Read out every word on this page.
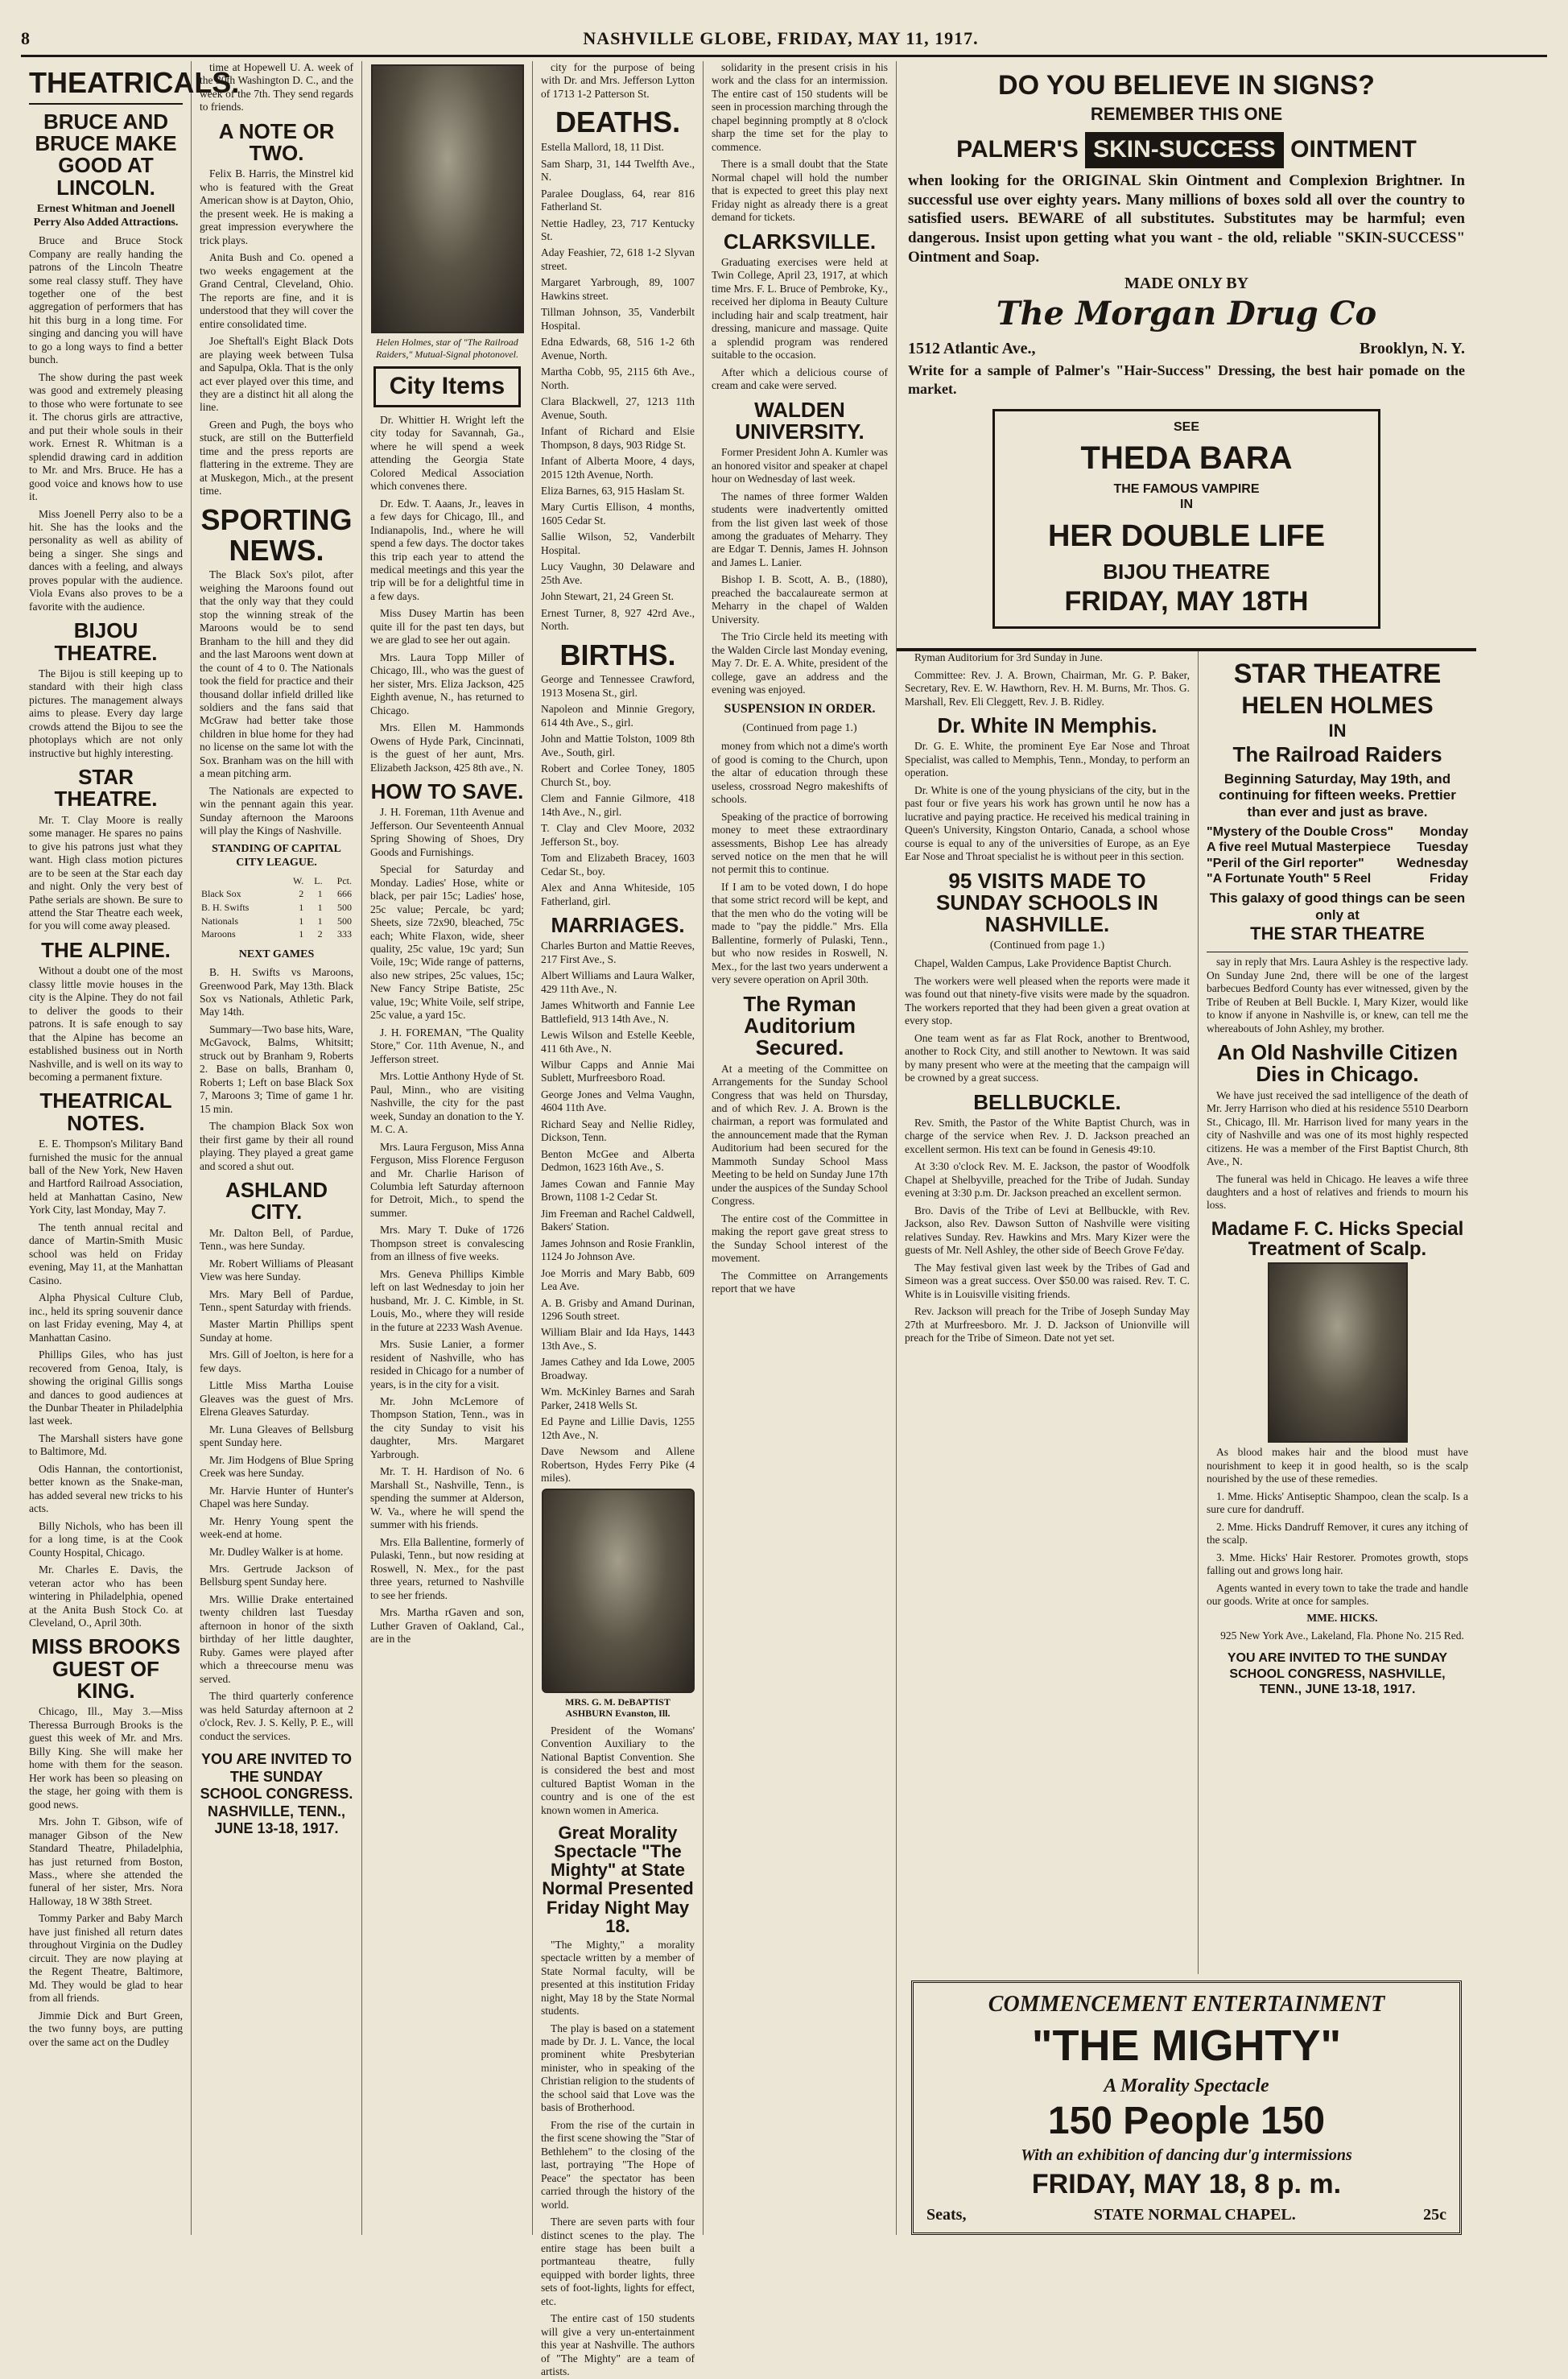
8	NASHVILLE GLOBE, FRIDAY, MAY 11, 1917.
THEATRICALS.
BRUCE AND BRUCE MAKE GOOD AT LINCOLN.
Ernest Whitman and Joenell Perry Also Added Attractions.

Bruce and Bruce Stock Company are really handing the patrons of the Lincoln Theatre some real classy stuff. They have together one of the best aggregation of performers that has hit this burg in a long time. For singing and dancing you will have to go a long ways to find a better bunch.

The show during the past week was good and extremely pleasing to those who were fortunate to see it. The chorus girls are attractive, and put their whole souls in their work. Ernest R. Whitman is a splendid drawing card in addition to Mr. and Mrs. Bruce. He has a good voice and knows how to use it.

Miss Joenell Perry also to be a hit. She has the looks and the personality as well as ability of being a singer. She sings and dances with a feeling, and always proves popular with the audience. Viola Evans also proves to be a favorite with the audience.

BIJOU THEATRE.

The Bijou is still keeping up to standard with their high class pictures. The management always aims to please. Every day large crowds attend the Bijou to see the photoplays which are not only instructive but highly interesting.

STAR THEATRE.

Mr. T. Clay Moore is really some manager. He spares no pains to give his patrons just what they want. High class motion pictures are to be seen at the Star each day and night. Only the very best of Pathe serials are shown. Be sure to attend the Star Theatre each week, for you will come away pleased.

THE ALPINE.

Without a doubt one of the most classy little movie houses in the city is the Alpine. They do not fail to deliver the goods to their patrons. It is safe enough to say that the Alpine has become an established business out in North Nashville, and is well on its way to becoming a permanent fixture.

THEATRICAL NOTES.

E. E. Thompson's Military Band furnished the music for the annual ball of the New York, New Haven and Hartford Railroad Association, held at Manhattan Casino, New York City, last Monday, May 7.

The tenth annual recital and dance of Martin-Smith Music school was held on Friday evening, May 11, at the Manhattan Casino.

Alpha Physical Culture Club, inc., held its spring souvenir dance on last Friday evening, May 4, at Manhattan Casino.

Phillips Giles, who has just recovered from Genoa, Italy, is showing the original Gillis songs and dances to good audiences at the Dunbar Theater in Philadelphia last week.

The Marshall sisters have gone to Baltimore, Md.

Odis Hannan, the contortionist, better known as the Snake-man, has added several new tricks to his acts.

Billy Nichols, who has been ill for a long time, is at the Cook County Hospital, Chicago.

Mr. Charles E. Davis, the veteran actor who has been wintering in Philadelphia, opened at the Anita Bush Stock Co. at Cleveland, O., April 30th.

MISS BROOKS GUEST OF KING.

Chicago, Ill., May 3.—Miss Theressa Burrough Brooks is the guest this week of Mr. and Mrs. Billy King. She will make her home with them for the season. Her work has been so pleasing on the stage, her going with them is good news.

Mrs. John T. Gibson, wife of manager Gibson of the New Standard Theatre, Philadelphia, has just returned from Boston, Mass., where she attended the funeral of her sister, Mrs. Nora Halloway, 18 W 38th Street.

Tommy Parker and Baby March have just finished all return dates throughout Virginia on the Dudley circuit. They are now playing at the Regent Theatre, Baltimore, Md. They would be glad to hear from all friends.

Jimmie Dick and Burt Green, the two funny boys, are putting over the same act on the Dudley

time at Hopewell U. A. week of the 30th Washington D. C., and the week of the 7th. They send regards to friends.

A NOTE OR TWO.

Felix B. Harris, the Minstrel kid who is featured with the Great American show is at Dayton, Ohio, the present week. He is making a great impression everywhere the trick plays.

Anita Bush and Co. opened a two weeks engagement at the Grand Central, Cleveland, Ohio. The reports are fine, and it is understood that they will cover the entire consolidated time.

Joe Sheftall's Eight Black Dots are playing week between Tulsa and Sapulpa, Okla. That is the only act ever played over this time, and they are a distinct hit all along the line.

Green and Pugh, the boys who stuck, are still on the Butterfield time and the press reports are flattering in the extreme. They are at Muskegon, Mich., at the present time.

SPORTING NEWS.

The Black Sox's pilot, after weighing the Maroons found out that the only way that they could stop the winning streak of the Maroons would be to send Branham to the hill and they did and the last Maroons went down at the count of 4 to 0. The Nationals took the field for practice and their thousand dollar infield drilled like soldiers and the fans said that McGraw had better take those children in blue home for they had no license on the same lot with the Sox. Branham was on the hill with a mean pitching arm.

The Nationals are expected to win the pennant again this year. Sunday afternoon the Maroons will play the Kings of Nashville.

STANDING OF CAPITAL CITY LEAGUE.
	W.	L.	Pct.
Black Sox	2	1	666
B. H. Swifts	1	1	500
Nationals	1	1	500
Maroons	1	2	333
NEXT GAMES

B. H. Swifts vs Maroons, Greenwood Park, May 13th. Black Sox vs Nationals, Athletic Park, May 14th.

Summary—Two base hits, Ware, McGavock, Balms, Whitsitt; struck out by Branham 9, Roberts 2. Base on balls, Branham 0, Roberts 1; Left on base Black Sox 7, Maroons 3; Time of game 1 hr. 15 min.

The champion Black Sox won their first game by their all round playing. They played a great game and scored a shut out.

ASHLAND CITY.

Mr. Dalton Bell, of Pardue, Tenn., was here Sunday.

Mr. Robert Williams of Pleasant View was here Sunday.

Mrs. Mary Bell of Pardue, Tenn., spent Saturday with friends.

Master Martin Phillips spent Sunday at home.

Mrs. Gill of Joelton, is here for a few days.

Little Miss Martha Louise Gleaves was the guest of Mrs. Elrena Gleaves Saturday.

Mr. Luna Gleaves of Bellsburg spent Sunday here.

Mr. Jim Hodgens of Blue Spring Creek was here Sunday.

Mr. Harvie Hunter of Hunter's Chapel was here Sunday.

Mr. Henry Young spent the week-end at home.

Mr. Dudley Walker is at home.

Mrs. Gertrude Jackson of Bellsburg spent Sunday here.

Mrs. Willie Drake entertained twenty children last Tuesday afternoon in honor of the sixth birthday of her little daughter, Ruby. Games were played after which a threecourse menu was served.

The third quarterly conference was held Saturday afternoon at 2 o'clock, Rev. J. S. Kelly, P. E., will conduct the services.

YOU ARE INVITED TO THE SUNDAY SCHOOL CONGRESS. NASHVILLE, TENN., JUNE 13-18, 1917.
Helen Holmes, star of "The Railroad Raiders," Mutual-Signal photonovel.
City Items

Dr. Whittier H. Wright left the city today for Savannah, Ga., where he will spend a week attending the Georgia State Colored Medical Association which convenes there.

Dr. Edw. T. Aaans, Jr., leaves in a few days for Chicago, Ill., and Indianapolis, Ind., where he will spend a few days. The doctor takes this trip each year to attend the medical meetings and this year the trip will be for a delightful time in a few days.

Miss Dusey Martin has been quite ill for the past ten days, but we are glad to see her out again.

Mrs. Laura Topp Miller of Chicago, Ill., who was the guest of her sister, Mrs. Eliza Jackson, 425 Eighth avenue, N., has returned to Chicago.

Mrs. Ellen M. Hammonds Owens of Hyde Park, Cincinnati, is the guest of her aunt, Mrs. Elizabeth Jackson, 425 8th ave., N.

HOW TO SAVE.

J. H. Foreman, 11th Avenue and Jefferson. Our Seventeenth Annual Spring Showing of Shoes, Dry Goods and Furnishings.

Special for Saturday and Monday. Ladies' Hose, white or black, per pair 15c; Ladies' hose, 25c value; Percale, bc yard; Sheets, size 72x90, bleached, 75c each; White Flaxon, wide, sheer quality, 25c value, 19c yard; Sun Voile, 19c; Wide range of patterns, also new stripes, 25c values, 15c; New Fancy Stripe Batiste, 25c value, 19c; White Voile, self stripe, 25c value, a yard 15c.

J. H. FOREMAN, "The Quality Store," Cor. 11th Avenue, N., and Jefferson street.

Mrs. Lottie Anthony Hyde of St. Paul, Minn., who are visiting Nashville, the city for the past week, Sunday an donation to the Y. M. C. A.

Mrs. Laura Ferguson, Miss Anna Ferguson, Miss Florence Ferguson and Mr. Charlie Harison of Columbia left Saturday afternoon for Detroit, Mich., to spend the summer.

Mrs. Mary T. Duke of 1726 Thompson street is convalescing from an illness of five weeks.

Mrs. Geneva Phillips Kimble left on last Wednesday to join her husband, Mr. J. C. Kimble, in St. Louis, Mo., where they will reside in the future at 2233 Wash Avenue.

Mrs. Susie Lanier, a former resident of Nashville, who has resided in Chicago for a number of years, is in the city for a visit.

Mr. John McLemore of Thompson Station, Tenn., was in the city Sunday to visit his daughter, Mrs. Margaret Yarbrough.

Mr. T. H. Hardison of No. 6 Marshall St., Nashville, Tenn., is spending the summer at Alderson, W. Va., where he will spend the summer with his friends.

Mrs. Ella Ballentine, formerly of Pulaski, Tenn., but now residing at Roswell, N. Mex., for the past three years, returned to Nashville to see her friends.

Mrs. Martha rGaven and son, Luther Graven of Oakland, Cal., are in the

city for the purpose of being with Dr. and Mrs. Jefferson Lytton of 1713 1-2 Patterson St.

DEATHS.
Estella Mallord, 18, 11 Dist.
Sam Sharp, 31, 144 Twelfth Ave., N.
Paralee Douglass, 64, rear 816 Fatherland St.
Nettie Hadley, 23, 717 Kentucky St.
Aday Feashier, 72, 618 1-2 Slyvan street.
Margaret Yarbrough, 89, 1007 Hawkins street.
Tillman Johnson, 35, Vanderbilt Hospital.
Edna Edwards, 68, 516 1-2 6th Avenue, North.
Martha Cobb, 95, 2115 6th Ave., North.
Clara Blackwell, 27, 1213 11th Avenue, South.
Infant of Richard and Elsie Thompson, 8 days, 903 Ridge St.
Infant of Alberta Moore, 4 days, 2015 12th Avenue, North.
Eliza Barnes, 63, 915 Haslam St.
Mary Curtis Ellison, 4 months, 1605 Cedar St.
Sallie Wilson, 52, Vanderbilt Hospital.
Lucy Vaughn, 30 Delaware and 25th Ave.
John Stewart, 21, 24 Green St.
Ernest Turner, 8, 927 42rd Ave., North.
BIRTHS.
George and Tennessee Crawford, 1913 Mosena St., girl.
Napoleon and Minnie Gregory, 614 4th Ave., S., girl.
John and Mattie Tolston, 1009 8th Ave., South, girl.
Robert and Corlee Toney, 1805 Church St., boy.
Clem and Fannie Gilmore, 418 14th Ave., N., girl.
T. Clay and Clev Moore, 2032 Jefferson St., boy.
Tom and Elizabeth Bracey, 1603 Cedar St., boy.
Alex and Anna Whiteside, 105 Fatherland, girl.
MARRIAGES.
Charles Burton and Mattie Reeves, 217 First Ave., S.
Albert Williams and Laura Walker, 429 11th Ave., N.
James Whitworth and Fannie Lee Battlefield, 913 14th Ave., N.
Lewis Wilson and Estelle Keeble, 411 6th Ave., N.
Wilbur Capps and Annie Mai Sublett, Murfreesboro Road.
George Jones and Velma Vaughn, 4604 11th Ave.
Richard Seay and Nellie Ridley, Dickson, Tenn.
Benton McGee and Alberta Dedmon, 1623 16th Ave., S.
James Cowan and Fannie May Brown, 1108 1-2 Cedar St.
Jim Freeman and Rachel Caldwell, Bakers' Station.
James Johnson and Rosie Franklin, 1124 Jo Johnson Ave.
Joe Morris and Mary Babb, 609 Lea Ave.
A. B. Grisby and Amand Durinan, 1296 South street.
William Blair and Ida Hays, 1443 13th Ave., S.
James Cathey and Ida Lowe, 2005 Broadway.
Wm. McKinley Barnes and Sarah Parker, 2418 Wells St.
Ed Payne and Lillie Davis, 1255 12th Ave., N.
Dave Newsom and Allene Robertson, Hydes Ferry Pike (4 miles).
MRS. G. M. DeBAPTIST ASHBURN Evanston, Ill.

President of the Womans' Convention Auxiliary to the National Baptist Convention. She is considered the best and most cultured Baptist Woman in the country and is one of the est known women in America.

Great Morality Spectacle "The Mighty" at State Normal Presented Friday Night May 18.

"The Mighty," a morality spectacle written by a member of State Normal faculty, will be presented at this institution Friday night, May 18 by the State Normal students.

The play is based on a statement made by Dr. J. L. Vance, the local prominent white Presbyterian minister, who in speaking of the Christian religion to the students of the school said that Love was the basis of Brotherhood.

From the rise of the curtain in the first scene showing the "Star of Bethlehem" to the closing of the last, portraying "The Hope of Peace" the spectator has been carried through the history of the world.

There are seven parts with four distinct scenes to the play. The entire stage has been built a portmanteau theatre, fully equipped with border lights, three sets of foot-lights, lights for effect, etc.

The entire cast of 150 students will give a very un-entertainment this year at Nashville. The authors of "The Mighty" are a team of artists.

solidarity in the present crisis in his work and the class for an intermission. The entire cast of 150 students will be seen in procession marching through the chapel beginning promptly at 8 o'clock sharp the time set for the play to commence.

There is a small doubt that the State Normal chapel will hold the number that is expected to greet this play next Friday night as already there is a great demand for tickets.

CLARKSVILLE.

Graduating exercises were held at Twin College, April 23, 1917, at which time Mrs. F. L. Bruce of Pembroke, Ky., received her diploma in Beauty Culture including hair and scalp treatment, hair dressing, manicure and massage. Quite a splendid program was rendered suitable to the occasion.

After which a delicious course of cream and cake were served.

WALDEN UNIVERSITY.

Former President John A. Kumler was an honored visitor and speaker at chapel hour on Wednesday of last week.

The names of three former Walden students were inadvertently omitted from the list given last week of those among the graduates of Meharry. They are Edgar T. Dennis, James H. Johnson and James L. Lanier.

Bishop I. B. Scott, A. B., (1880), preached the baccalaureate sermon at Meharry in the chapel of Walden University.

The Trio Circle held its meeting with the Walden Circle last Monday evening, May 7. Dr. E. A. White, president of the college, gave an address and the evening was enjoyed.

SUSPENSION IN ORDER.
(Continued from page 1.)

money from which not a dime's worth of good is coming to the Church, upon the altar of education through these useless, crossroad Negro makeshifts of schools.

Speaking of the practice of borrowing money to meet these extraordinary assessments, Bishop Lee has already served notice on the men that he will not permit this to continue.

If I am to be voted down, I do hope that some strict record will be kept, and that the men who do the voting will be made to "pay the piddle." Mrs. Ella Ballentine, formerly of Pulaski, Tenn., but who now resides in Roswell, N. Mex., for the last two years underwent a very severe operation on April 30th.

The Ryman Auditorium Secured.

At a meeting of the Committee on Arrangements for the Sunday School Congress that was held on Thursday, and of which Rev. J. A. Brown is the chairman, a report was formulated and the announcement made that the Ryman Auditorium had been secured for the Mammoth Sunday School Mass Meeting to be held on Sunday June 17th under the auspices of the Sunday School Congress.

The entire cost of the Committee in making the report gave great stress to the Sunday School interest of the movement.

The Committee on Arrangements report that we have

DO YOU BELIEVE IN SIGNS?
REMEMBER THIS ONE
PALMER'S SKIN-SUCCESS OINTMENT
when looking for the ORIGINAL Skin Ointment and Complexion Brightner. In successful use over eighty years. Many millions of boxes sold all over the country to satisfied users. BEWARE of all substitutes. Substitutes may be harmful; even dangerous. Insist upon getting what you want - the old, reliable "SKIN-SUCCESS" Ointment and Soap.
MADE ONLY BY
The Morgan Drug Co
1512 Atlantic Ave.,	Brooklyn, N. Y.
Write for a sample of Palmer's "Hair-Success" Dressing, the best hair pomade on the market.
SEE
THEDA BARA
THE FAMOUS VAMPIRE
IN
HER DOUBLE LIFE
BIJOU THEATRE
FRIDAY, MAY 18TH

Ryman Auditorium for 3rd Sunday in June.

Committee: Rev. J. A. Brown, Chairman, Mr. G. P. Baker, Secretary, Rev. E. W. Hawthorn, Rev. H. M. Burns, Mr. Thos. G. Marshall, Rev. Eli Cleggett, Rev. J. B. Ridley.

Dr. White IN Memphis.

Dr. G. E. White, the prominent Eye Ear Nose and Throat Specialist, was called to Memphis, Tenn., Monday, to perform an operation.

Dr. White is one of the young physicians of the city, but in the past four or five years his work has grown until he now has a lucrative and paying practice. He received his medical training in Queen's University, Kingston Ontario, Canada, a school whose course is equal to any of the universities of Europe, as an Eye Ear Nose and Throat specialist he is without peer in this section.

95 VISITS MADE TO SUNDAY SCHOOLS IN NASHVILLE.
(Continued from page 1.)

Chapel, Walden Campus, Lake Providence Baptist Church.

The workers were well pleased when the reports were made it was found out that ninety-five visits were made by the squadron. The workers reported that they had been given a great ovation at every stop.

One team went as far as Flat Rock, another to Brentwood, another to Rock City, and still another to Newtown. It was said by many present who were at the meeting that the campaign will be crowned by a great success.

BELLBUCKLE.

Rev. Smith, the Pastor of the White Baptist Church, was in charge of the service when Rev. J. D. Jackson preached an excellent sermon. His text can be found in Genesis 49:10.

At 3:30 o'clock Rev. M. E. Jackson, the pastor of Woodfolk Chapel at Shelbyville, preached for the Tribe of Judah. Sunday evening at 3:30 p.m. Dr. Jackson preached an excellent sermon.

Bro. Davis of the Tribe of Levi at Bellbuckle, with Rev. Jackson, also Rev. Dawson Sutton of Nashville were visiting relatives Sunday. Rev. Hawkins and Mrs. Mary Kizer were the guests of Mr. Nell Ashley, the other side of Beech Grove Fe'day.

The May festival given last week by the Tribes of Gad and Simeon was a great success. Over $50.00 was raised. Rev. T. C. White is in Louisville visiting friends.

Rev. Jackson will preach for the Tribe of Joseph Sunday May 27th at Murfreesboro. Mr. J. D. Jackson of Unionville will preach for the Tribe of Simeon. Date not yet set.

STAR THEATRE
HELEN HOLMES
IN
The Railroad Raiders
Beginning Saturday, May 19th, and continuing for fifteen weeks. Prettier than ever and just as brave.
"Mystery of the Double Cross" Monday
A five reel Mutual Masterpiece Tuesday
"Peril of the Girl reporter"	Wednesday
"A Fortunate Youth" 5 Reel	Friday
This galaxy of good things can be seen only at
THE STAR THEATRE

say in reply that Mrs. Laura Ashley is the respective lady. On Sunday June 2nd, there will be one of the largest barbecues Bedford County has ever witnessed, given by the Tribe of Reuben at Bell Buckle. I, Mary Kizer, would like to know if anyone in Nashville is, or knew, can tell me the whereabouts of John Ashley, my brother.

An Old Nashville Citizen Dies in Chicago.

We have just received the sad intelligence of the death of Mr. Jerry Harrison who died at his residence 5510 Dearborn St., Chicago, Ill. Mr. Harrison lived for many years in the city of Nashville and was one of its most highly respected citizens. He was a member of the First Baptist Church, 8th Ave., N.

The funeral was held in Chicago. He leaves a wife three daughters and a host of relatives and friends to mourn his loss.

Madame F. C. Hicks Special Treatment of Scalp.

As blood makes hair and the blood must have nourishment to keep it in good health, so is the scalp nourished by the use of these remedies.

1. Mme. Hicks' Antiseptic Shampoo, clean the scalp. Is a sure cure for dandruff.

2. Mme. Hicks Dandruff Remover, it cures any itching of the scalp.

3. Mme. Hicks' Hair Restorer. Promotes growth, stops falling out and grows long hair.

Agents wanted in every town to take the trade and handle our goods. Write at once for samples.

MME. HICKS.

925 New York Ave., Lakeland, Fla. Phone No. 215 Red.

YOU ARE INVITED TO THE SUNDAY SCHOOL CONGRESS, NASHVILLE, TENN., JUNE 13-18, 1917.
COMMENCEMENT ENTERTAINMENT
"THE MIGHTY"
A Morality Spectacle
150 People 150
With an exhibition of dancing dur'g intermissions
FRIDAY, MAY 18, 8 p. m.
Seats,	STATE NORMAL CHAPEL.	25c
